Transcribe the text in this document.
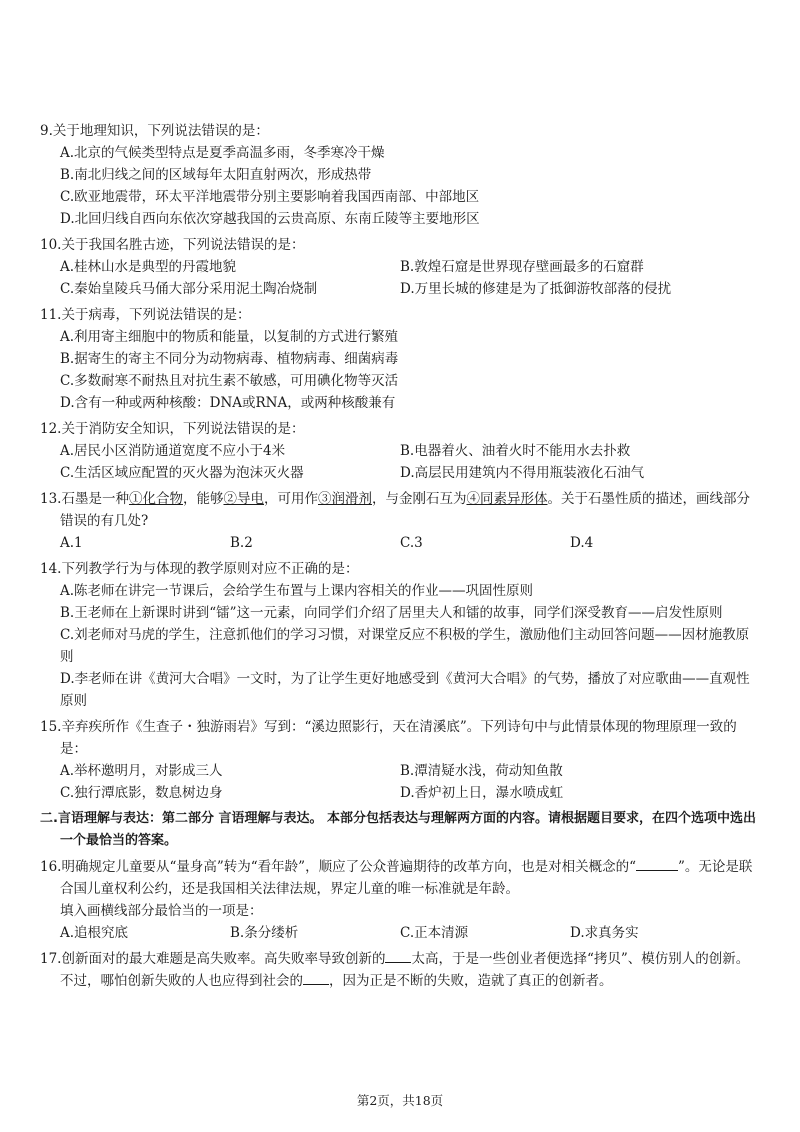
9.关于地理知识，下列说法错误的是：
A.北京的气候类型特点是夏季高温多雨，冬季寒冷干燥
B.南北归线之间的区域每年太阳直射两次，形成热带
C.欧亚地震带，环太平洋地震带分别主要影响着我国西南部、中部地区
D.北回归线自西向东依次穿越我国的云贵高原、东南丘陵等主要地形区
10.关于我国名胜古迹，下列说法错误的是：
A.桂林山水是典型的丹霞地貌	B.敦煌石窟是世界现存壁画最多的石窟群
C.秦始皇陵兵马俑大部分采用泥土陶冶烧制	D.万里长城的修建是为了抵御游牧部落的侵扰
11.关于病毒，下列说法错误的是：
A.利用寄主细胞中的物质和能量，以复制的方式进行繁殖
B.据寄生的寄主不同分为动物病毒、植物病毒、细菌病毒
C.多数耐寒不耐热且对抗生素不敏感，可用碘化物等灭活
D.含有一种或两种核酸：DNA或RNA，或两种核酸兼有
12.关于消防安全知识，下列说法错误的是：
A.居民小区消防通道宽度不应小于4米	B.电器着火、油着火时不能用水去扑救
C.生活区域应配置的灭火器为泡沫灭火器	D.高层民用建筑内不得用瓶装液化石油气
13.石墨是一种①化合物，能够②导电，可用作③润滑剂，与金刚石互为④同素异形体。关于石墨性质的描述，画线部分错误的有几处?
A.1	B.2	C.3	D.4
14.下列教学行为与体现的教学原则对应不正确的是：
A.陈老师在讲完一节课后，会给学生布置与上课内容相关的作业——巩固性原则
B.王老师在上新课时讲到“镭”这一元素，向同学们介绍了居里夫人和镭的故事，同学们深受教育——启发性原则
C.刘老师对马虎的学生，注意抓他们的学习习惯，对课堂反应不积极的学生，激励他们主动回答问题——因材施教原则
D.李老师在讲《黄河大合唱》一文时，为了让学生更好地感受到《黄河大合唱》的气势，播放了对应歌曲——直观性原则
15.辛弃疾所作《生查子・独游雨岩》写到：“溪边照影行，天在清溪底”。下列诗句中与此情景体现的物理原理一致的是：
A.举杯邀明月，对影成三人	B.潭清疑水浅，荷动知鱼散
C.独行潭底影，数息树边身	D.香炉初上日，瀑水喷成虹
二.言语理解与表达：第二部分 言语理解与表达。 本部分包括表达与理解两方面的内容。请根据题目要求，在四个选项中选出一个最恰当的答案。
16.明确规定儿童要从“量身高”转为“看年龄”，顺应了公众普遍期待的改革方向，也是对相关概念的“	”。无论是联合国儿童权利公约，还是我国相关法律法规，界定儿童的唯一标准就是年龄。
填入画横线部分最恰当的一项是：
A.追根究底	B.条分缕析	C.正本清源	D.求真务实
17.创新面对的最大难题是高失败率。高失败率导致创新的 太高，于是一些创业者便选择“拷贝”、模仿别人的创新。不过，哪怕创新失败的人也应得到社会的 ，因为正是不断的失败，造就了真正的创新者。
第2页，共18页
